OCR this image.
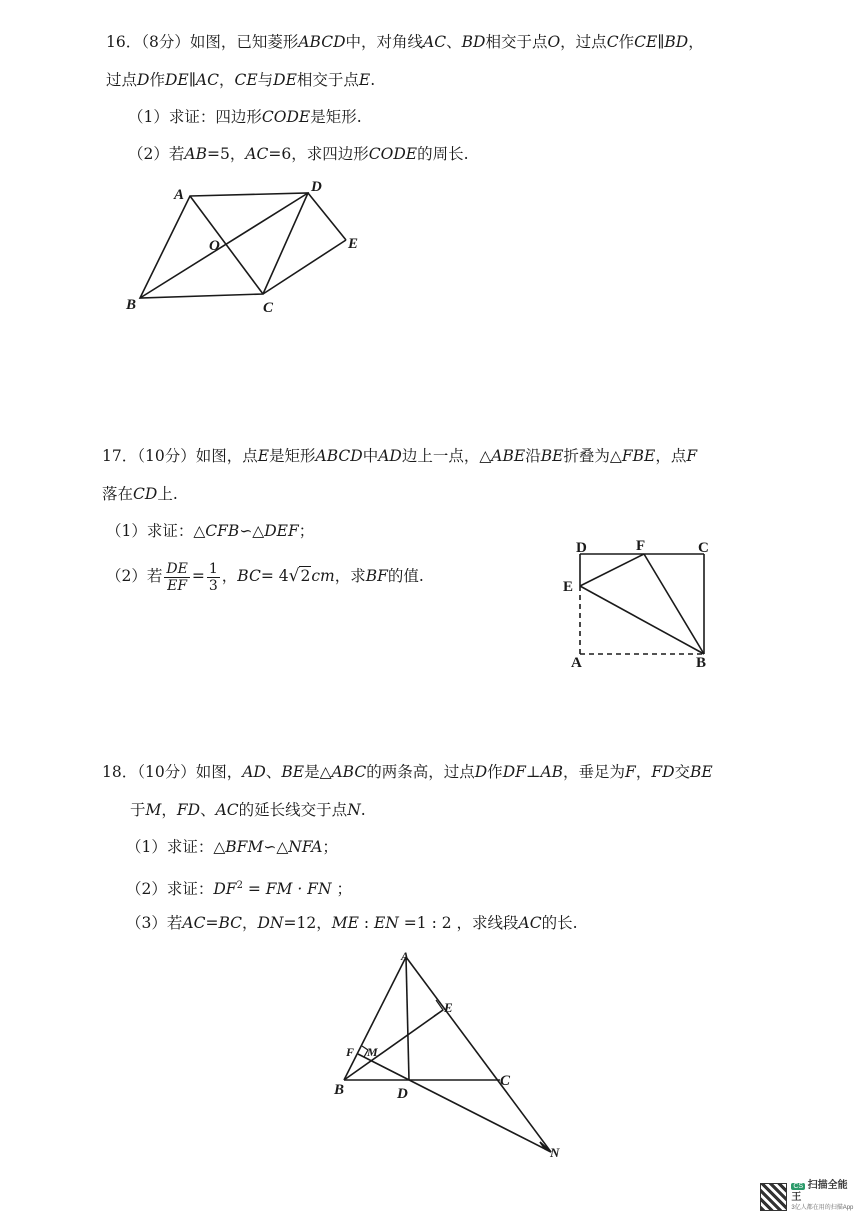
16．（8分）如图，已知菱形ABCD中，对角线AC、BD相交于点O，过点C作CE∥BD，
过点D作DE∥AC，CE与DE相交于点E.
（1）求证：四边形CODE是矩形.
（2）若AB=5，AC=6，求四边形CODE的周长.
A	D
O	E
B	C
17．（10分）如图，点E是矩形ABCD中AD边上一点，△ABE沿BE折叠为△FBE，点F
落在CD上.
（1）求证：△CFB∽△DEF；
（2）若 $\frac{DE}{EF} = \frac{1}{3}$ ，BC= 4√2cm，求BF的值.
D	F	C
E
A	B
18．（10分）如图，AD、BE是△ABC的两条高，过点D作DF⊥AB，垂足为F，FD交BE
于M，FD、AC的延长线交于点N.
（1）求证：△BFM∽△NFA；
（2）求证：$DF^2$ = FM · FN ；
（3）若AC=BC，DN=12，ME : EN =1 : 2 ，求线段AC的长.
A
E
F M
B	D
C
N
CS 扫描全能王
3亿人都在用的扫描App
